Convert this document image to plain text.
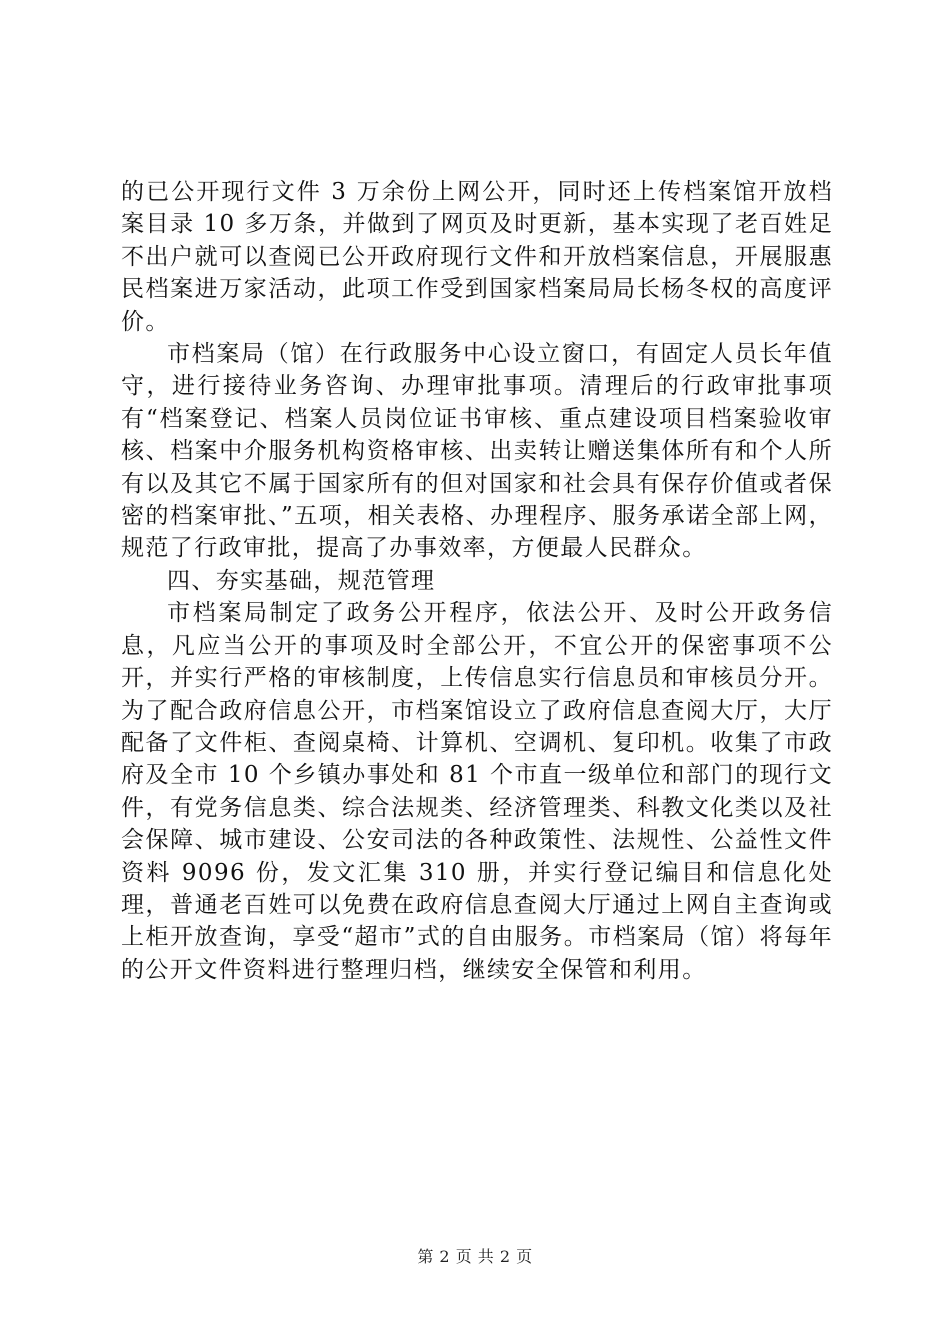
的已公开现行文件 3 万余份上网公开，同时还上传档案馆开放档案目录 10 多万条，并做到了网页及时更新，基本实现了老百姓足不出户就可以查阅已公开政府现行文件和开放档案信息，开展服惠民档案进万家活动，此项工作受到国家档案局局长杨冬权的高度评价。

市档案局（馆）在行政服务中心设立窗口，有固定人员长年值守，进行接待业务咨询、办理审批事项。清理后的行政审批事项有“档案登记、档案人员岗位证书审核、重点建设项目档案验收审核、档案中介服务机构资格审核、出卖转让赠送集体所有和个人所有以及其它不属于国家所有的但对国家和社会具有保存价值或者保密的档案审批、”五项，相关表格、办理程序、服务承诺全部上网，规范了行政审批，提高了办事效率，方便最人民群众。

四、夯实基础，规范管理

市档案局制定了政务公开程序，依法公开、及时公开政务信息，凡应当公开的事项及时全部公开，不宜公开的保密事项不公开，并实行严格的审核制度，上传信息实行信息员和审核员分开。为了配合政府信息公开，市档案馆设立了政府信息查阅大厅，大厅配备了文件柜、查阅桌椅、计算机、空调机、复印机。收集了市政府及全市 10 个乡镇办事处和 81 个市直一级单位和部门的现行文件，有党务信息类、综合法规类、经济管理类、科教文化类以及社会保障、城市建设、公安司法的各种政策性、法规性、公益性文件资料 9096 份，发文汇集 310 册，并实行登记编目和信息化处理，普通老百姓可以免费在政府信息查阅大厅通过上网自主查询或上柜开放查询，享受“超市”式的自由服务。市档案局（馆）将每年的公开文件资料进行整理归档，继续安全保管和利用。

第 2 页 共 2 页
